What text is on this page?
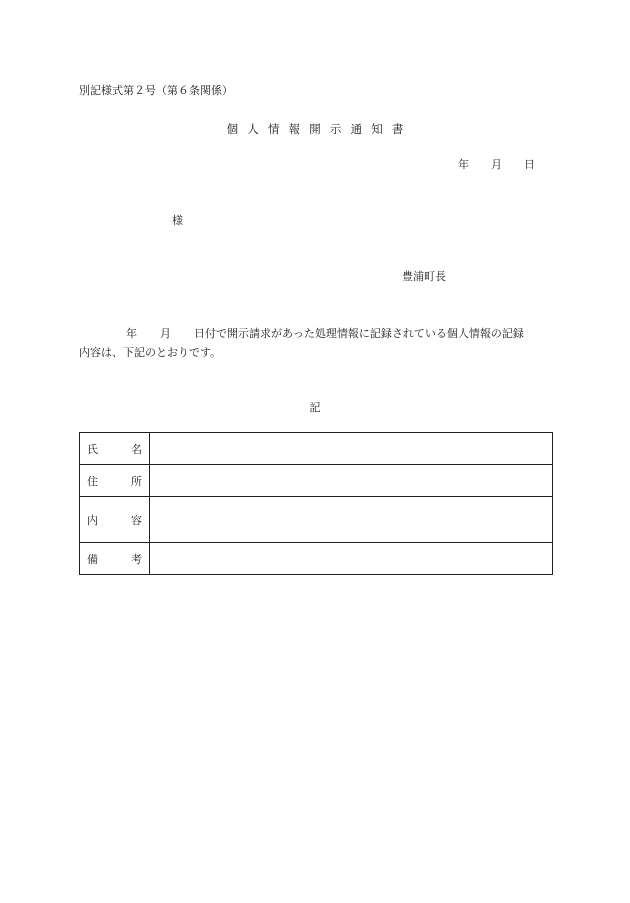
別記様式第２号（第６条関係）
個 人 情 報 開 示 通 知 書
年 月 日
様
豊浦町長
年 月 日付で開示請求があった処理情報に記録されている個人情報の記録
内容は、下記のとおりです。
記
氏 名	

住 所	

内 容	

備 考	
